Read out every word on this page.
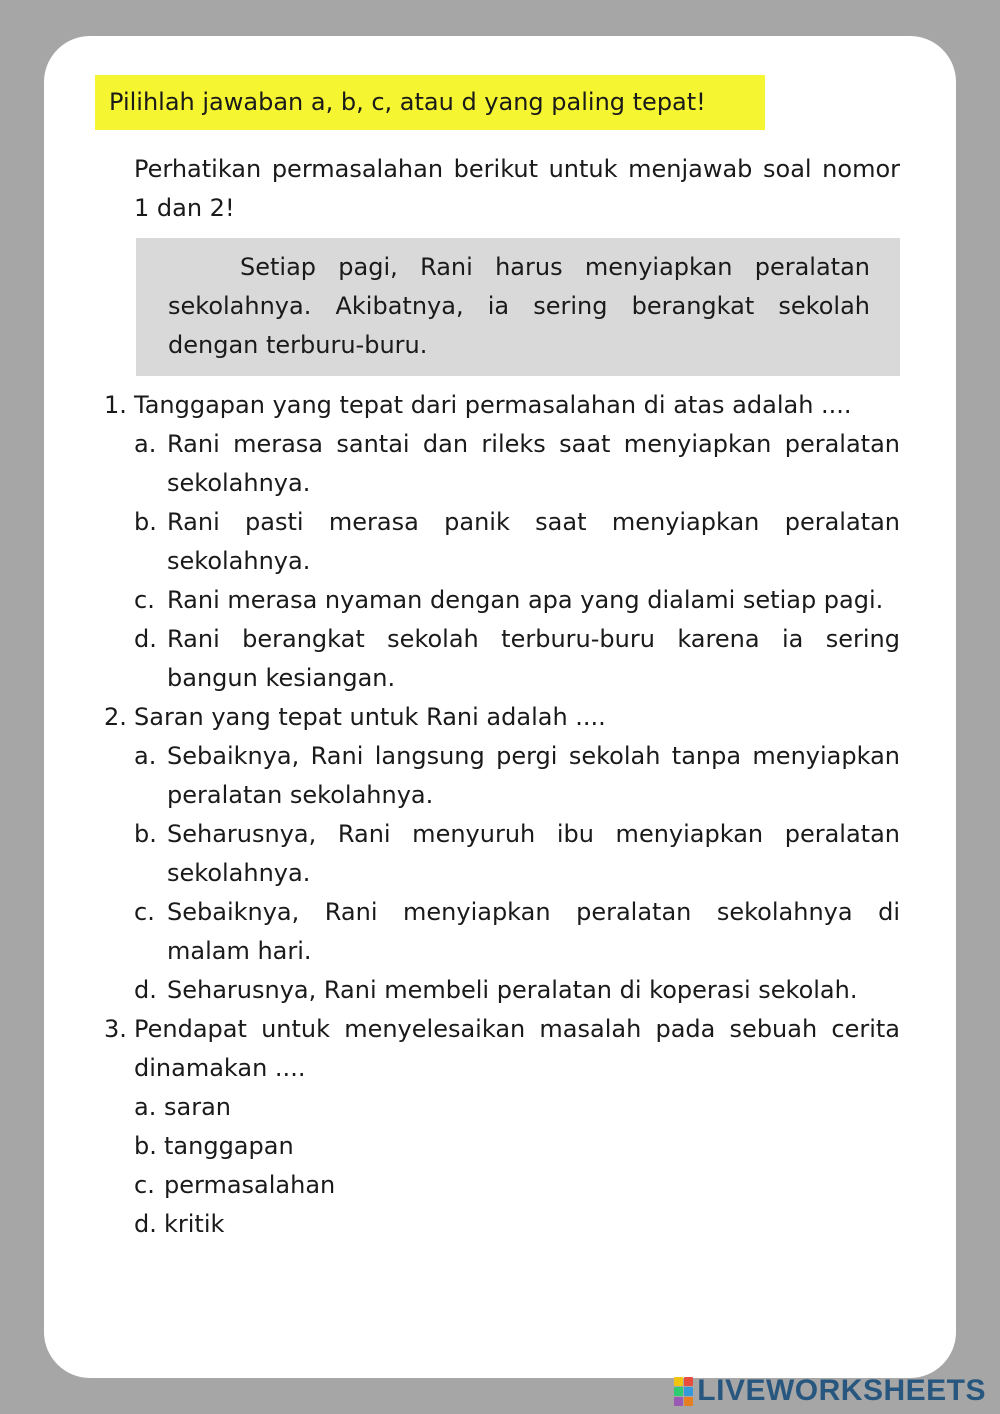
Pilihlah jawaban a, b, c, atau d yang paling tepat!
Perhatikan permasalahan berikut untuk menjawab soal nomor 1 dan 2!
Setiap pagi, Rani harus menyiapkan peralatan sekolahnya. Akibatnya, ia sering berangkat sekolah dengan terburu-buru.
1. Tanggapan yang tepat dari permasalahan di atas adalah ....
a. Rani merasa santai dan rileks saat menyiapkan peralatan sekolahnya.
b. Rani pasti merasa panik saat menyiapkan peralatan sekolahnya.
c. Rani merasa nyaman dengan apa yang dialami setiap pagi.
d. Rani berangkat sekolah terburu-buru karena ia sering bangun kesiangan.
2. Saran yang tepat untuk Rani adalah ....
a. Sebaiknya, Rani langsung pergi sekolah tanpa menyiapkan peralatan sekolahnya.
b. Seharusnya, Rani menyuruh ibu menyiapkan peralatan sekolahnya.
c. Sebaiknya, Rani menyiapkan peralatan sekolahnya di malam hari.
d. Seharusnya, Rani membeli peralatan di koperasi sekolah.
3. Pendapat untuk menyelesaikan masalah pada sebuah cerita dinamakan ....
a. saran
b. tanggapan
c. permasalahan
d. kritik
LIVEWORKSHEETS
